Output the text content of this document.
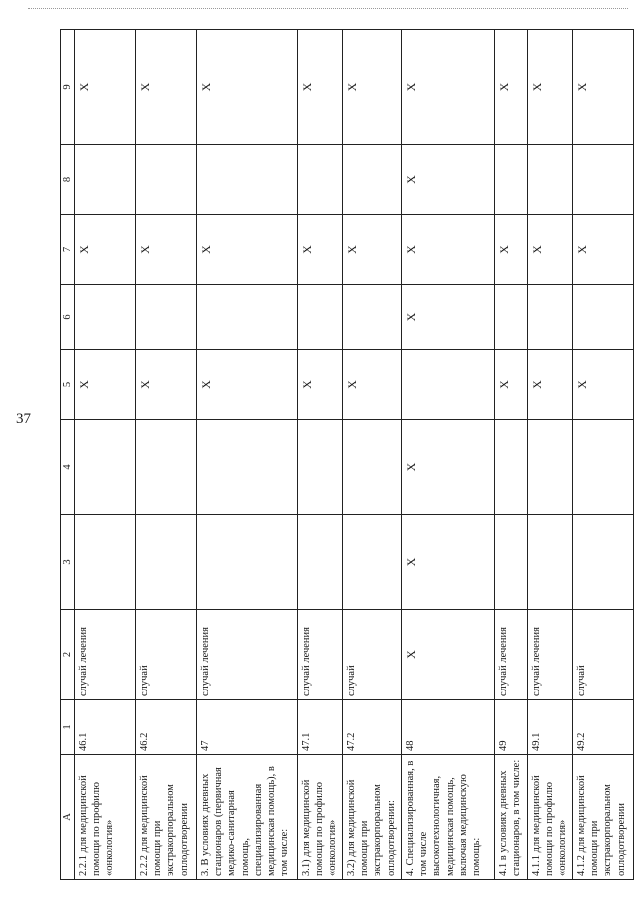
37
A	1	2	3	4	5	6	7	8	9
2.2.1 для медицинской помощи по профилю «онкология»	46.1	случай лечения			X		X		X
2.2.2 для медицинской помощи при экстракорпоральном оплодотворении	46.2	случай			X		X		X
3. В условиях дневных стационаров (первичная медико-санитарная помощь, специализированная медицинская помощь), в том числе:	47	случай лечения			X		X		X
3.1) для медицинской помощи по профилю «онкология»	47.1	случай лечения			X		X		X
3.2) для медицинской помощи при экстракорпоральном оплодотворении:	47.2	случай			X		X		X
4. Специализированная, в том числе высокотехнологичная, медицинская помощь, включая медицинскую помощь:	48	X	X	X		X	X	X	X
4.1 в условиях дневных стационаров, в том числе:	49	случай лечения			X		X		X
4.1.1 для медицинской помощи по профилю «онкология»	49.1	случай лечения			X		X		X
4.1.2 для медицинской помощи при экстракорпоральном оплодотворении	49.2	случай			X		X		X
